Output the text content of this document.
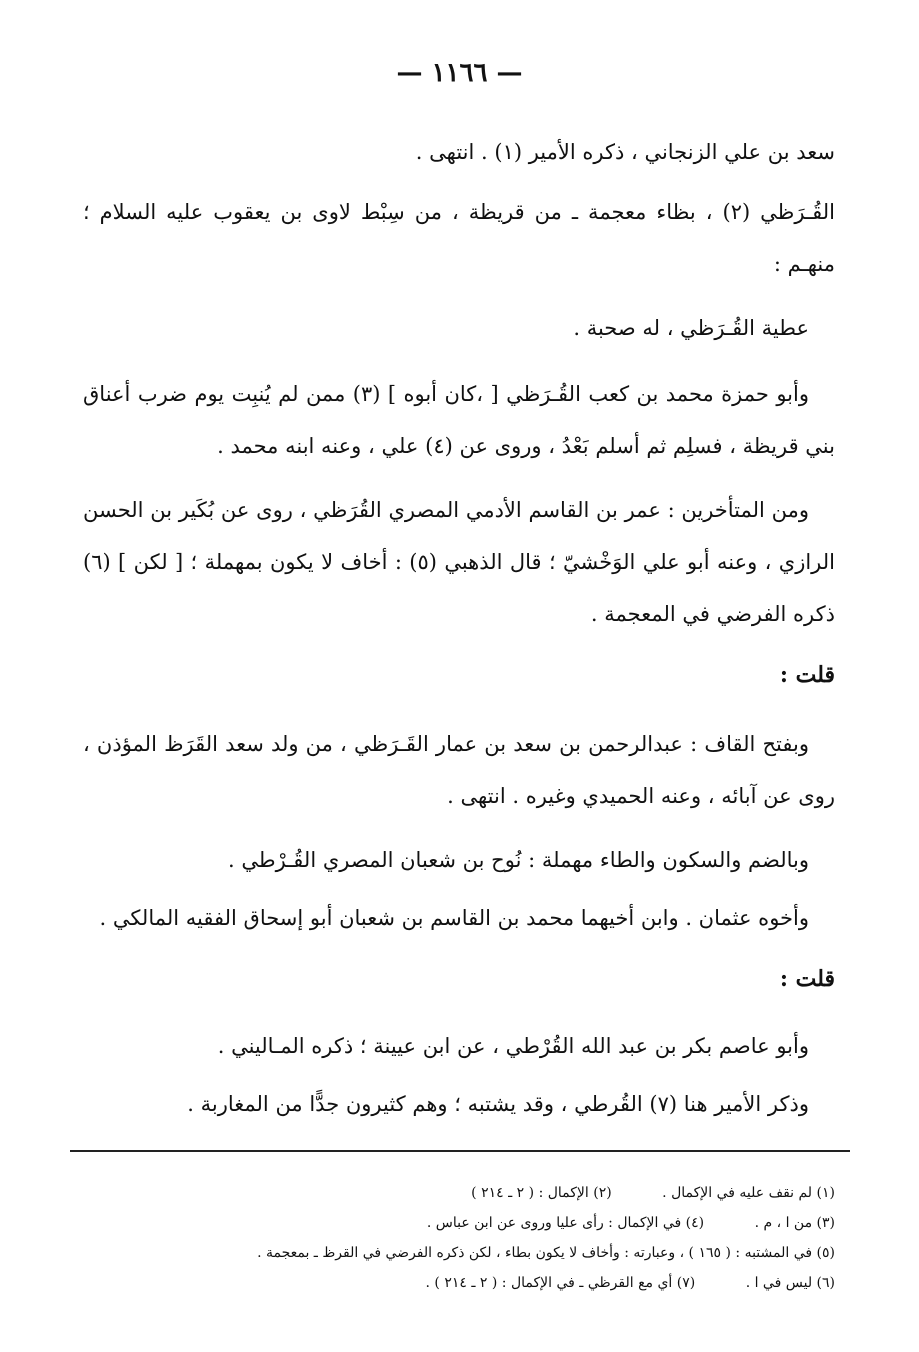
— ١١٦٦ —
سعد بن علي الزنجاني ، ذكره الأمير (١) . انتهى .
القُـرَظي (٢) ، بظاء معجمة ـ من قريظة ، من سِبْط لاوى بن يعقوب عليه السلام ؛ منهـم :
عطية القُـرَظي ، له صحبة .
وأبو حمزة محمد بن كعب القُـرَظي [ ،كان أبوه ] (٣) ممن لم يُنبِت يوم ضرب أعناق بني قريظة ، فسلِم ثم أسلم بَعْدُ ، وروى عن (٤) علي ، وعنه ابنه محمد .
ومن المتأخرين : عمر بن القاسم الأدمي المصري القُرَظي ، روى عن بُكَير بن الحسن الرازي ، وعنه أبو علي الوَخْشيّ ؛ قال الذهبي (٥) : أخاف لا يكون بمهملة ؛ [ لكن ] (٦) ذكره الفرضي في المعجمة .
قلت :
وبفتح القاف : عبدالرحمن بن سعد بن عمار القَـرَظي ، من ولد سعد القَرَظ المؤذن ، روى عن آبائه ، وعنه الحميدي وغيره . انتهى .
وبالضم والسكون والطاء مهملة : نُوح بن شعبان المصري القُـرْطي .
وأخوه عثمان . وابن أخيهما محمد بن القاسم بن شعبان أبو إسحاق الفقيه المالكي .
قلت :
وأبو عاصم بكر بن عبد الله القُرْطي ، عن ابن عيينة ؛ ذكره المـاليني .
وذكر الأمير هنا (٧) القُرطي ، وقد يشتبه ؛ وهم كثيرون جدًّا من المغاربة .
(١) لم نقف عليه في الإكمال . (٢) الإكمال : ( ٢ ـ ٢١٤ )
(٣) من ا ، م . (٤) في الإكمال : رأى عليا وروى عن ابن عباس .
(٥) في المشتبه : ( ١٦٥ ) ، وعبارته : وأخاف لا يكون بطاء ، لكن ذكره الفرضي في القرظ ـ بمعجمة .
(٦) ليس في ا . (٧) أي مع القرظي ـ في الإكمال : ( ٢ ـ ٢١٤ ) .
